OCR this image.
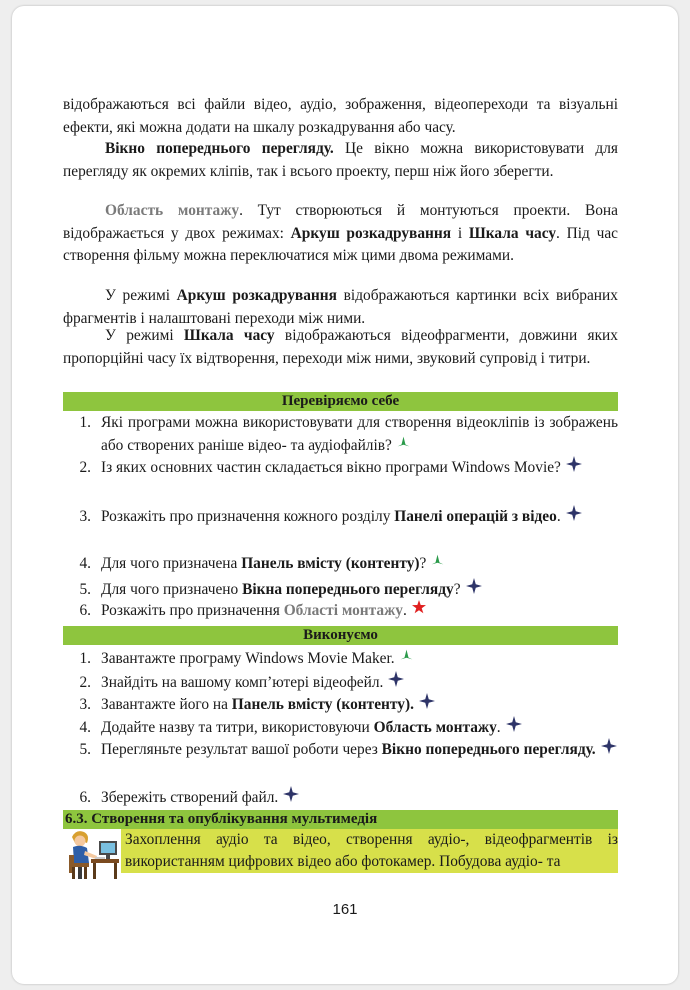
відображаються всі файли відео, аудіо, зображення, відеопереходи та візуальні ефекти, які можна додати на шкалу розкадрування або часу.
Вікно попереднього перегляду. Це вікно можна використовувати для перегляду як окремих кліпів, так і всього проекту, перш ніж його зберегти.
Область монтажу. Тут створюються й монтуються проекти. Вона відображається у двох режимах: Аркуш розкадрування і Шкала часу. Під час створення фільму можна переключатися між цими двома режимами.
У режимі Аркуш розкадрування відображаються картинки всіх вибраних фрагментів і налаштовані переходи між ними.
У режимі Шкала часу відображаються відеофрагменти, довжини яких пропорційні часу їх відтворення, переходи між ними, звуковий супровід і титри.
Перевіряємо себе
1. Які програми можна використовувати для створення відеокліпів із зображень або створених раніше відео- та аудіофайлів?
2. Із яких основних частин складається вікно програми Windows Movie?
3. Розкажіть про призначення кожного розділу Панелі операцій з відео.
4. Для чого призначена Панель вмісту (контенту)?
5. Для чого призначено Вікна попереднього перегляду?
6. Розкажіть про призначення Області монтажу.
Виконуємо
1. Завантажте програму Windows Movie Maker.
2. Знайдіть на вашому комп’ютері відеофейл.
3. Завантажте його на Панель вмісту (контенту).
4. Додайте назву та титри, використовуючи Область монтажу.
5. Перегляньте результат вашої роботи через Вікно попереднього перегляду.
6. Збережіть створений файл.
6.3. Створення та опублікування мультимедія
Захоплення аудіо та відео, створення аудіо-, відеофрагментів із використанням цифрових відео або фотокамер. Побудова аудіо- та
161
